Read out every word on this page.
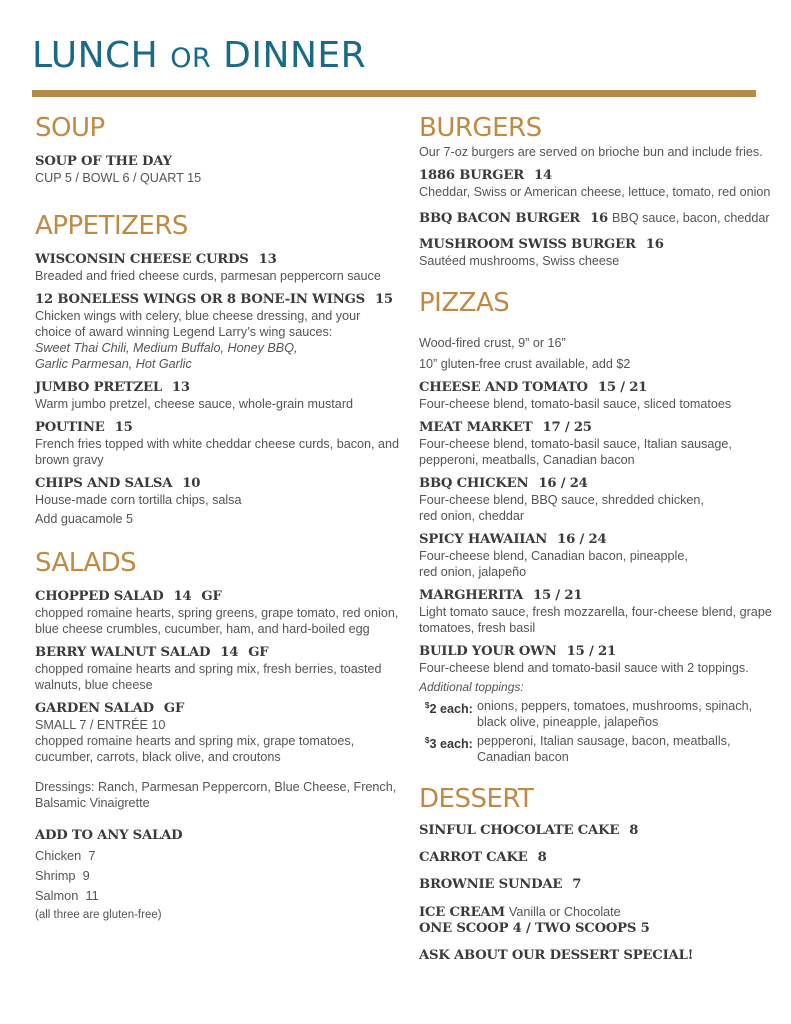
LUNCH OR DINNER
SOUP
SOUP OF THE DAY
CUP 5 / BOWL 6 / QUART 15
APPETIZERS
WISCONSIN CHEESE CURDS 13
Breaded and fried cheese curds, parmesan peppercorn sauce
12 BONELESS WINGS OR 8 BONE-IN WINGS 15
Chicken wings with celery, blue cheese dressing, and your choice of award winning Legend Larry’s wing sauces:
Sweet Thai Chili, Medium Buffalo, Honey BBQ,
Garlic Parmesan, Hot Garlic
JUMBO PRETZEL 13
Warm jumbo pretzel, cheese sauce, whole-grain mustard
POUTINE 15
French fries topped with white cheddar cheese curds, bacon, and brown gravy
CHIPS AND SALSA 10
House-made corn tortilla chips, salsa
Add guacamole 5
SALADS
CHOPPED SALAD 14 GF
chopped romaine hearts, spring greens, grape tomato, red onion, blue cheese crumbles, cucumber, ham, and hard-boiled egg
BERRY WALNUT SALAD 14 GF
chopped romaine hearts and spring mix, fresh berries, toasted walnuts, blue cheese
GARDEN SALAD GF
SMALL 7 / ENTRÉE 10
chopped romaine hearts and spring mix, grape tomatoes, cucumber, carrots, black olive, and croutons
Dressings: Ranch, Parmesan Peppercorn, Blue Cheese, French, Balsamic Vinaigrette
ADD TO ANY SALAD
Chicken 7
Shrimp 9
Salmon 11
(all three are gluten-free)
BURGERS
Our 7-oz burgers are served on brioche bun and include fries.
1886 BURGER 14
Cheddar, Swiss or American cheese, lettuce, tomato, red onion
BBQ BACON BURGER 16 BBQ sauce, bacon, cheddar
MUSHROOM SWISS BURGER 16
Sautéed mushrooms, Swiss cheese
PIZZAS
Wood-fired crust, 9” or 16”
10” gluten-free crust available, add $2
CHEESE AND TOMATO 15 / 21
Four-cheese blend, tomato-basil sauce, sliced tomatoes
MEAT MARKET 17 / 25
Four-cheese blend, tomato-basil sauce, Italian sausage, pepperoni, meatballs, Canadian bacon
BBQ CHICKEN 16 / 24
Four-cheese blend, BBQ sauce, shredded chicken, red onion, cheddar
SPICY HAWAIIAN 16 / 24
Four-cheese blend, Canadian bacon, pineapple, red onion, jalapeño
MARGHERITA 15 / 21
Light tomato sauce, fresh mozzarella, four-cheese blend, grape tomatoes, fresh basil
BUILD YOUR OWN 15 / 21
Four-cheese blend and tomato-basil sauce with 2 toppings.
Additional toppings:
$2 each: onions, peppers, tomatoes, mushrooms, spinach, black olive, pineapple, jalapeños
$3 each: pepperoni, Italian sausage, bacon, meatballs, Canadian bacon
DESSERT
SINFUL CHOCOLATE CAKE 8
CARROT CAKE 8
BROWNIE SUNDAE 7
ICE CREAM Vanilla or Chocolate
ONE SCOOP 4 / TWO SCOOPS 5
ASK ABOUT OUR DESSERT SPECIAL!
